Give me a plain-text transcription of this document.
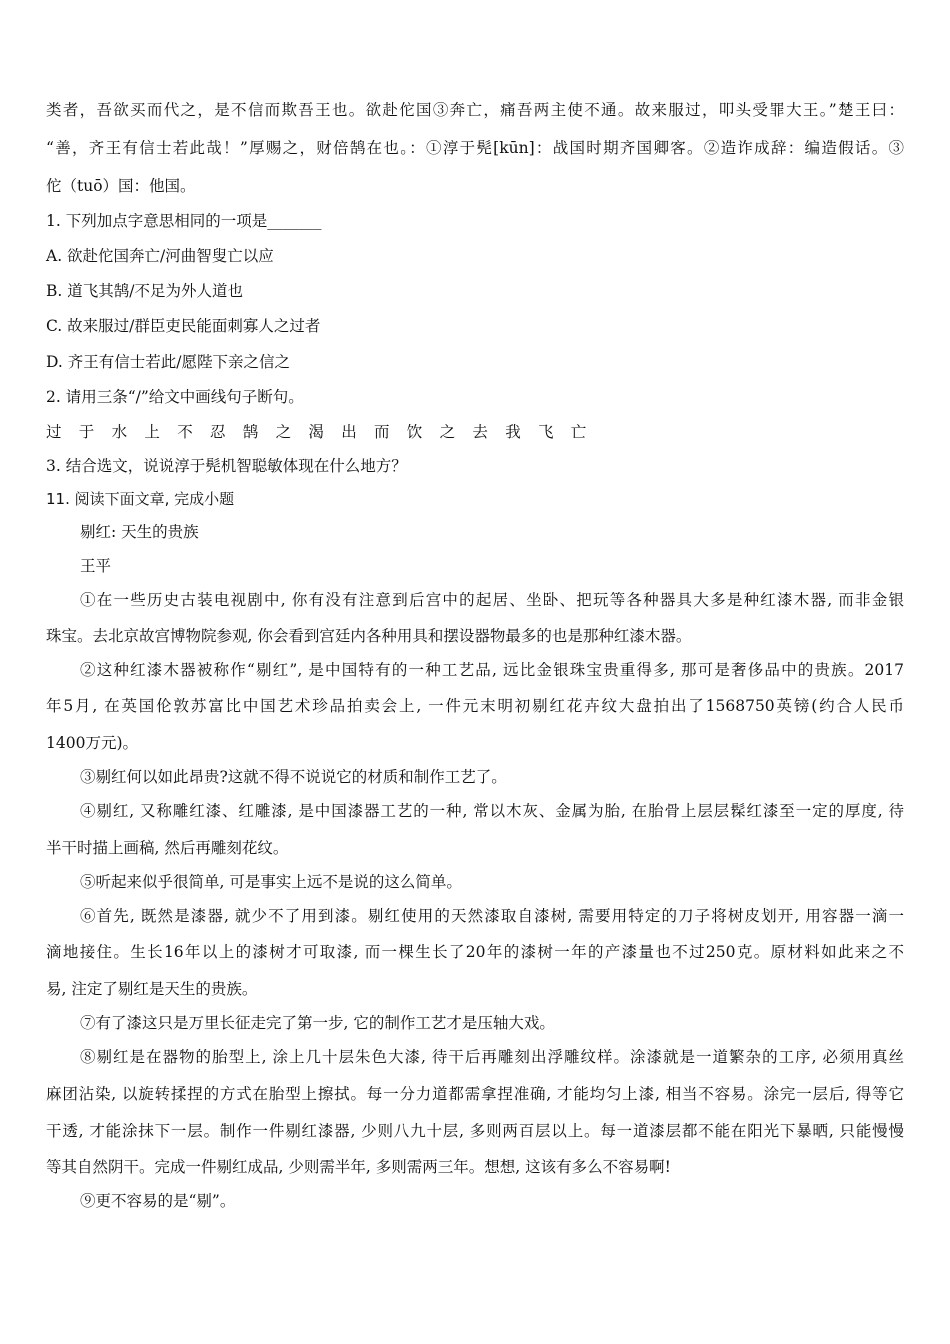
类者，吾欲买而代之，是不信而欺吾王也。欲赴佗国③奔亡，痛吾两主使不通。故来服过，叩头受罪大王。”楚王曰：
“善，齐王有信士若此哉！”厚赐之，财倍鹄在也。：①淳于髡[kūn]：战国时期齐国卿客。②造诈成辞：编造假话。③
佗（tuō）国：他国。
1. 下列加点字意思相同的一项是_______
A. 欲赴佗国奔亡/河曲智叟亡以应
B. 道飞其鹄/不足为外人道也
C. 故来服过/群臣吏民能面刺寡人之过者
D. 齐王有信士若此/愿陛下亲之信之
2. 请用三条“/”给文中画线句子断句。
过于水上不忍鹄之渴出而饮之去我飞亡
3. 结合选文，说说淳于髡机智聪敏体现在什么地方？
11. 阅读下面文章, 完成小题
剔红: 天生的贵族
王平
①在一些历史古装电视剧中, 你有没有注意到后宫中的起居、坐卧、把玩等各种器具大多是种红漆木器, 而非金银
珠宝。去北京故宫博物院参观, 你会看到宫廷内各种用具和摆设器物最多的也是那种红漆木器。
②这种红漆木器被称作“剔红”, 是中国特有的一种工艺品, 远比金银珠宝贵重得多, 那可是奢侈品中的贵族。2017
年5月, 在英国伦敦苏富比中国艺术珍品拍卖会上, 一件元末明初剔红花卉纹大盘拍出了1568750英镑(约合人民币
1400万元)。
③剔红何以如此昂贵?这就不得不说说它的材质和制作工艺了。
④剔红, 又称雕红漆、红雕漆, 是中国漆器工艺的一种, 常以木灰、金属为胎, 在胎骨上层层髹红漆至一定的厚度, 待
半干时描上画稿, 然后再雕刻花纹。
⑤听起来似乎很简单, 可是事实上远不是说的这么简单。
⑥首先, 既然是漆器, 就少不了用到漆。剔红使用的天然漆取自漆树, 需要用特定的刀子将树皮划开, 用容器一滴一
滴地接住。生长16年以上的漆树才可取漆, 而一棵生长了20年的漆树一年的产漆量也不过250克。原材料如此来之不
易, 注定了剔红是天生的贵族。
⑦有了漆这只是万里长征走完了第一步, 它的制作工艺才是压轴大戏。
⑧剔红是在器物的胎型上, 涂上几十层朱色大漆, 待干后再雕刻出浮雕纹样。涂漆就是一道繁杂的工序, 必须用真丝
麻团沾染, 以旋转揉捏的方式在胎型上擦拭。每一分力道都需拿捏准确, 才能均匀上漆, 相当不容易。涂完一层后, 得等它
干透, 才能涂抹下一层。制作一件剔红漆器, 少则八九十层, 多则两百层以上。每一道漆层都不能在阳光下暴晒, 只能慢慢
等其自然阴干。完成一件剔红成品, 少则需半年, 多则需两三年。想想, 这该有多么不容易啊!
⑨更不容易的是“剔”。
